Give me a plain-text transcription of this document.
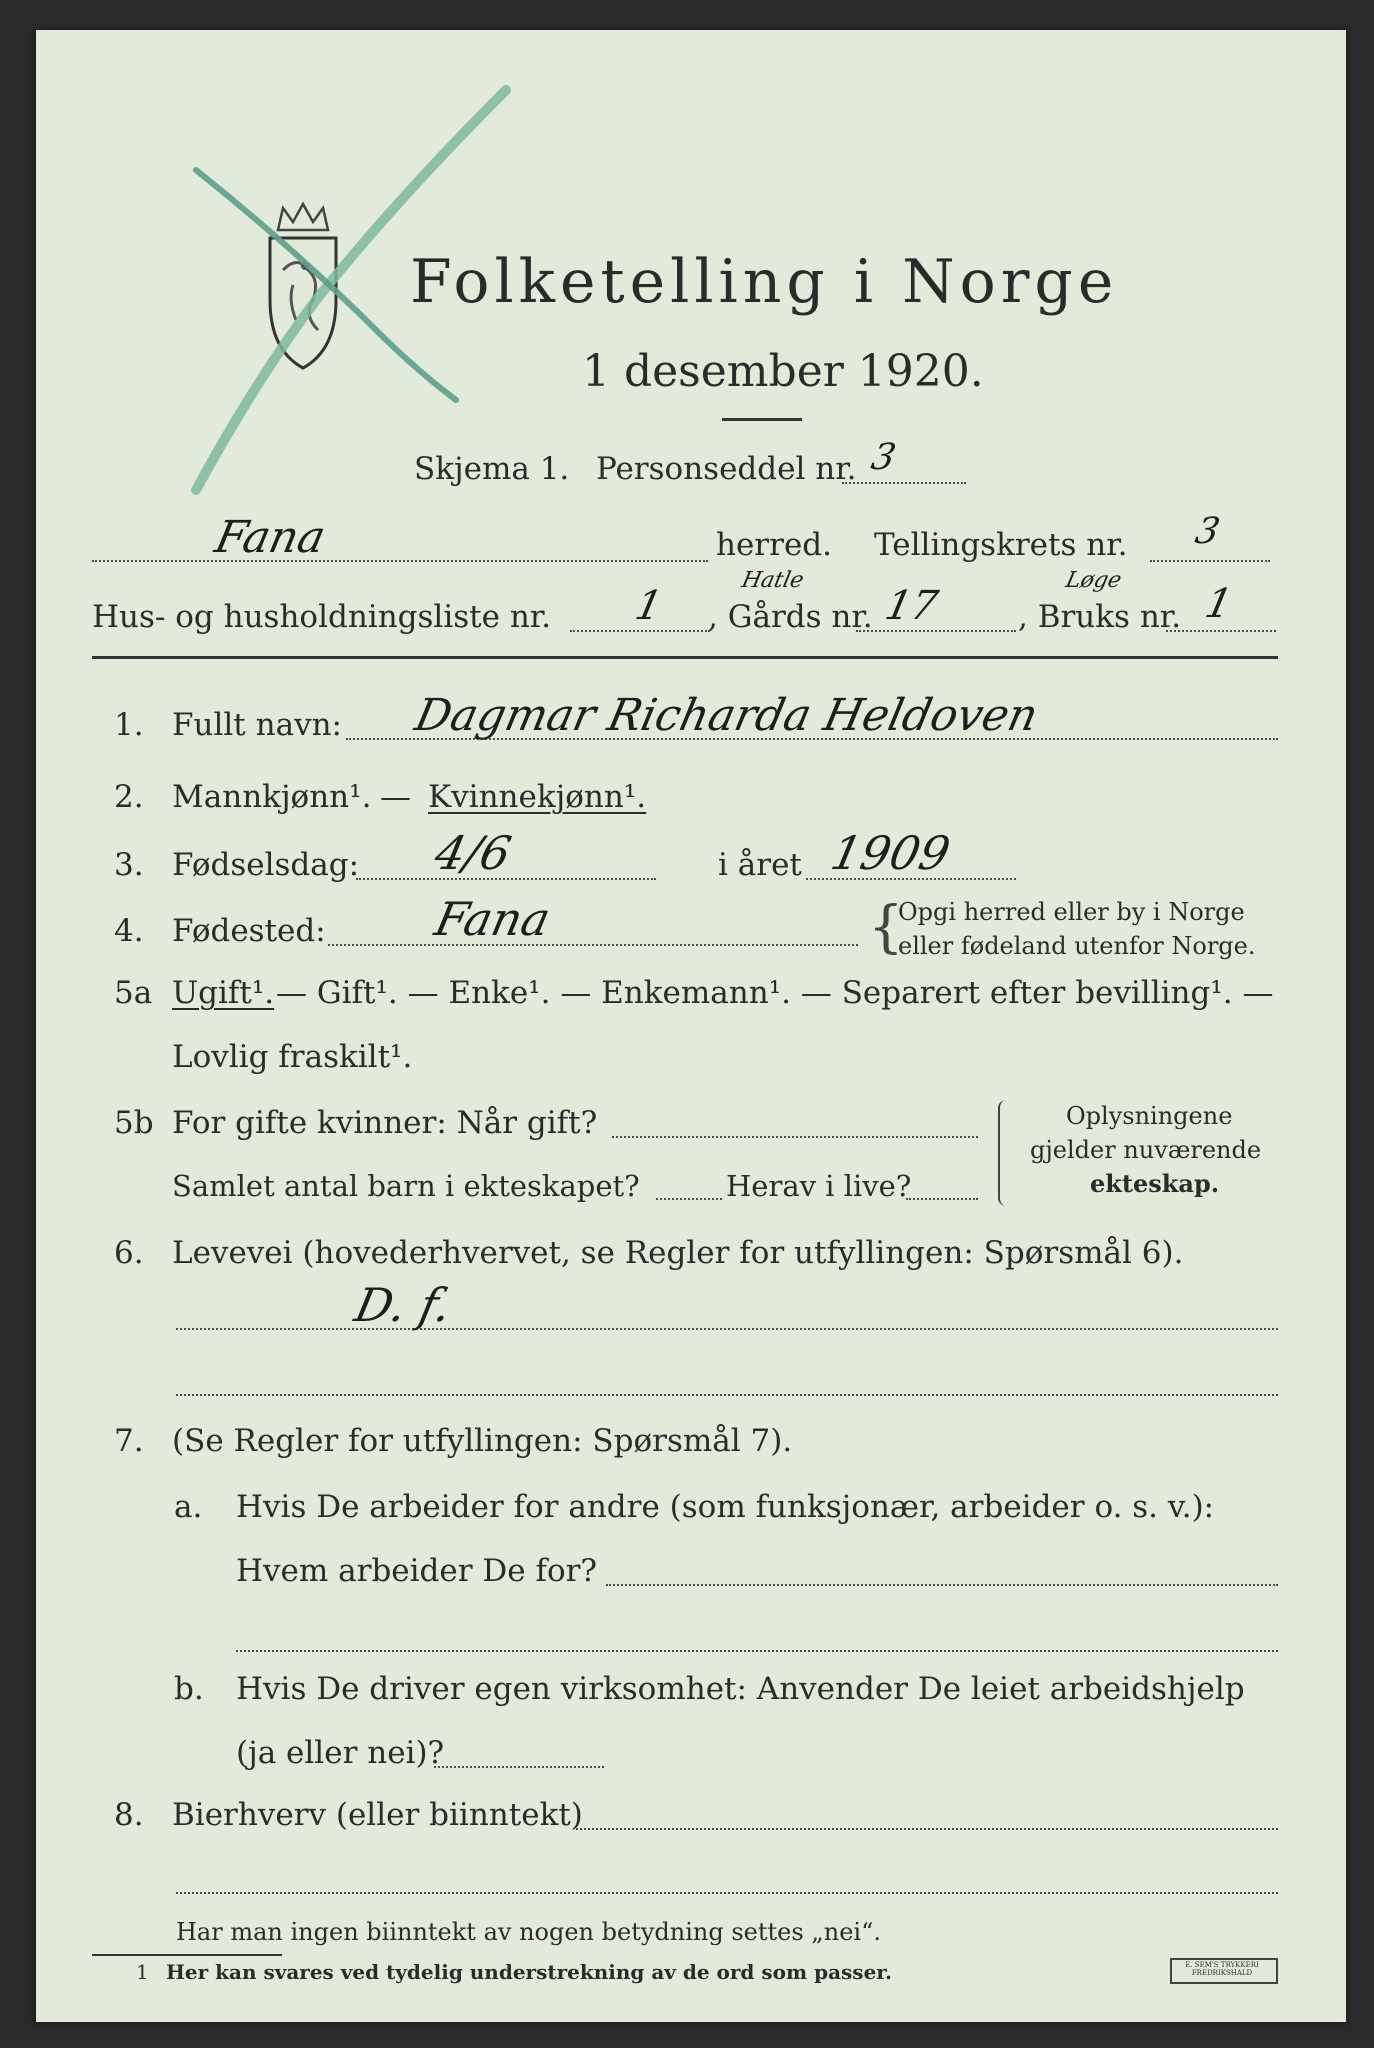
Folketelling i Norge
1 desember 1920.
Skjema 1. Personseddel nr. 3
Fana	herred. Tellingskrets nr. 3
Hus- og husholdningsliste nr. 1 , Gårds nr.
Hatle
17 , Bruks nr.
Løge
1
1. Fullt navn: Dagmar Richarda Heldoven
2. Mannkjønn¹. — Kvinnekjønn¹.
3. Fødselsdag: 4/6	i året 1909
4. Fødested: Fana	{
Opgi herred eller by i Norge
eller fødeland utenfor Norge.
5a Ugift¹. — Gift¹. — Enke¹. — Enkemann¹. — Separert efter bevilling¹. —
Lovlig fraskilt¹.
5b For gifte kvinner: Når gift?
Samlet antal barn i ekteskapet?	Herav i live?
Oplysningene
gjelder nuværende
ekteskap.
6. Levevei (hovederhvervet, se Regler for utfyllingen: Spørsmål 6).
D. f.
7. (Se Regler for utfyllingen: Spørsmål 7).
a. Hvis De arbeider for andre (som funksjonær, arbeider o. s. v.):
Hvem arbeider De for?
b. Hvis De driver egen virksomhet: Anvender De leiet arbeidshjelp
(ja eller nei)?
8. Bierhverv (eller biinntekt)
Har man ingen biinntekt av nogen betydning settes „nei“.
1 Her kan svares ved tydelig understrekning av de ord som passer.	E. SEM'S TRYKKERI FREDRIKSHALD
